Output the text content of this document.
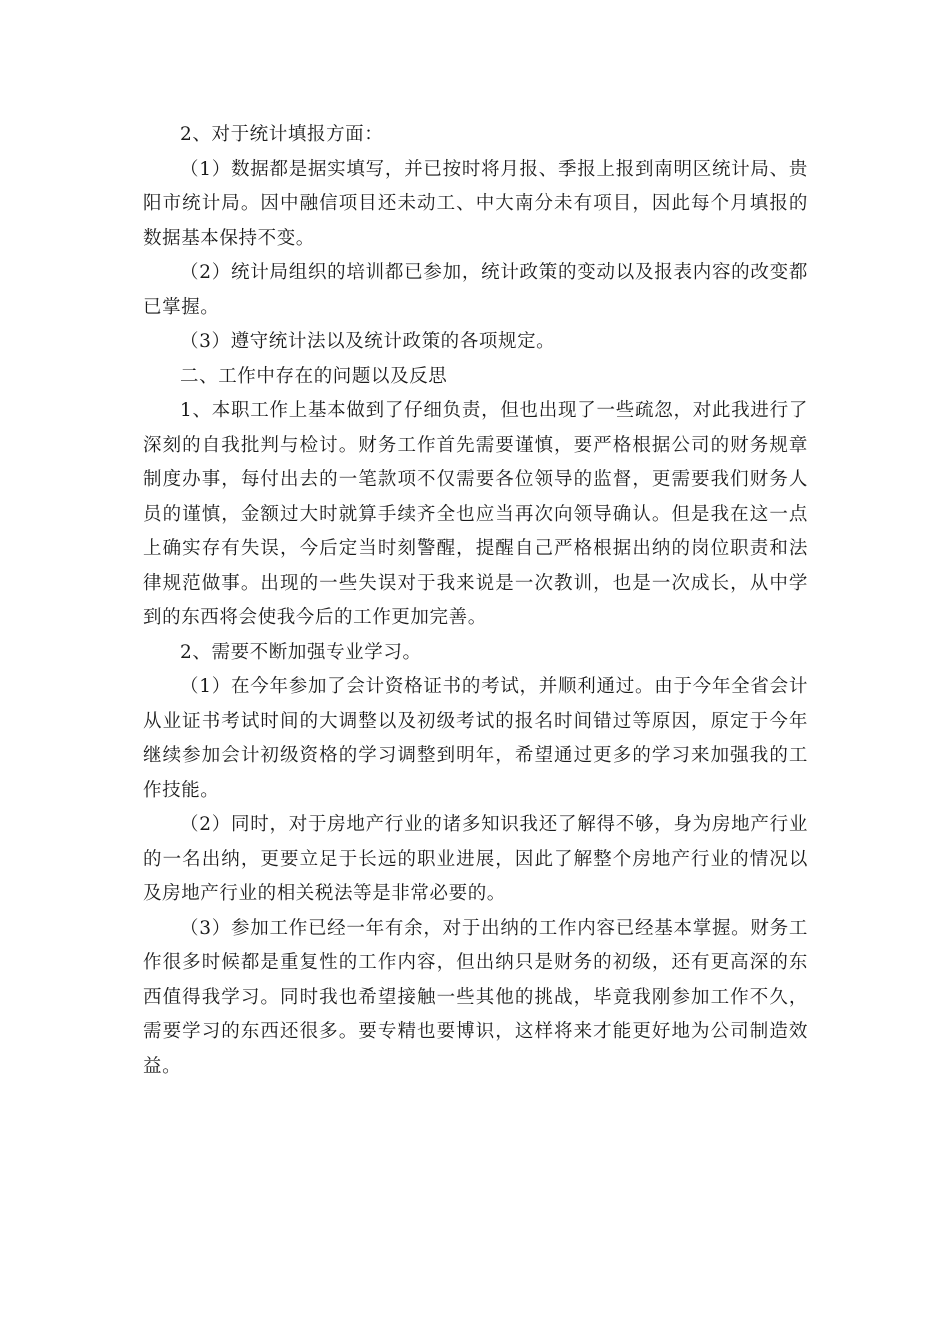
2、对于统计填报方面：

（1）数据都是据实填写，并已按时将月报、季报上报到南明区统计局、贵阳市统计局。因中融信项目还未动工、中大南分未有项目，因此每个月填报的数据基本保持不变。

（2）统计局组织的培训都已参加，统计政策的变动以及报表内容的改变都已掌握。

（3）遵守统计法以及统计政策的各项规定。

二、工作中存在的问题以及反思

1、本职工作上基本做到了仔细负责，但也出现了一些疏忽，对此我进行了深刻的自我批判与检讨。财务工作首先需要谨慎，要严格根据公司的财务规章制度办事，每付出去的一笔款项不仅需要各位领导的监督，更需要我们财务人员的谨慎，金额过大时就算手续齐全也应当再次向领导确认。但是我在这一点上确实存有失误，今后定当时刻警醒，提醒自己严格根据出纳的岗位职责和法律规范做事。出现的一些失误对于我来说是一次教训，也是一次成长，从中学到的东西将会使我今后的工作更加完善。

2、需要不断加强专业学习。

（1）在今年参加了会计资格证书的考试，并顺利通过。由于今年全省会计从业证书考试时间的大调整以及初级考试的报名时间错过等原因，原定于今年继续参加会计初级资格的学习调整到明年，希望通过更多的学习来加强我的工作技能。

（2）同时，对于房地产行业的诸多知识我还了解得不够，身为房地产行业的一名出纳，更要立足于长远的职业进展，因此了解整个房地产行业的情况以及房地产行业的相关税法等是非常必要的。

（3）参加工作已经一年有余，对于出纳的工作内容已经基本掌握。财务工作很多时候都是重复性的工作内容，但出纳只是财务的初级，还有更高深的东西值得我学习。同时我也希望接触一些其他的挑战，毕竟我刚参加工作不久，需要学习的东西还很多。要专精也要博识，这样将来才能更好地为公司制造效益。
